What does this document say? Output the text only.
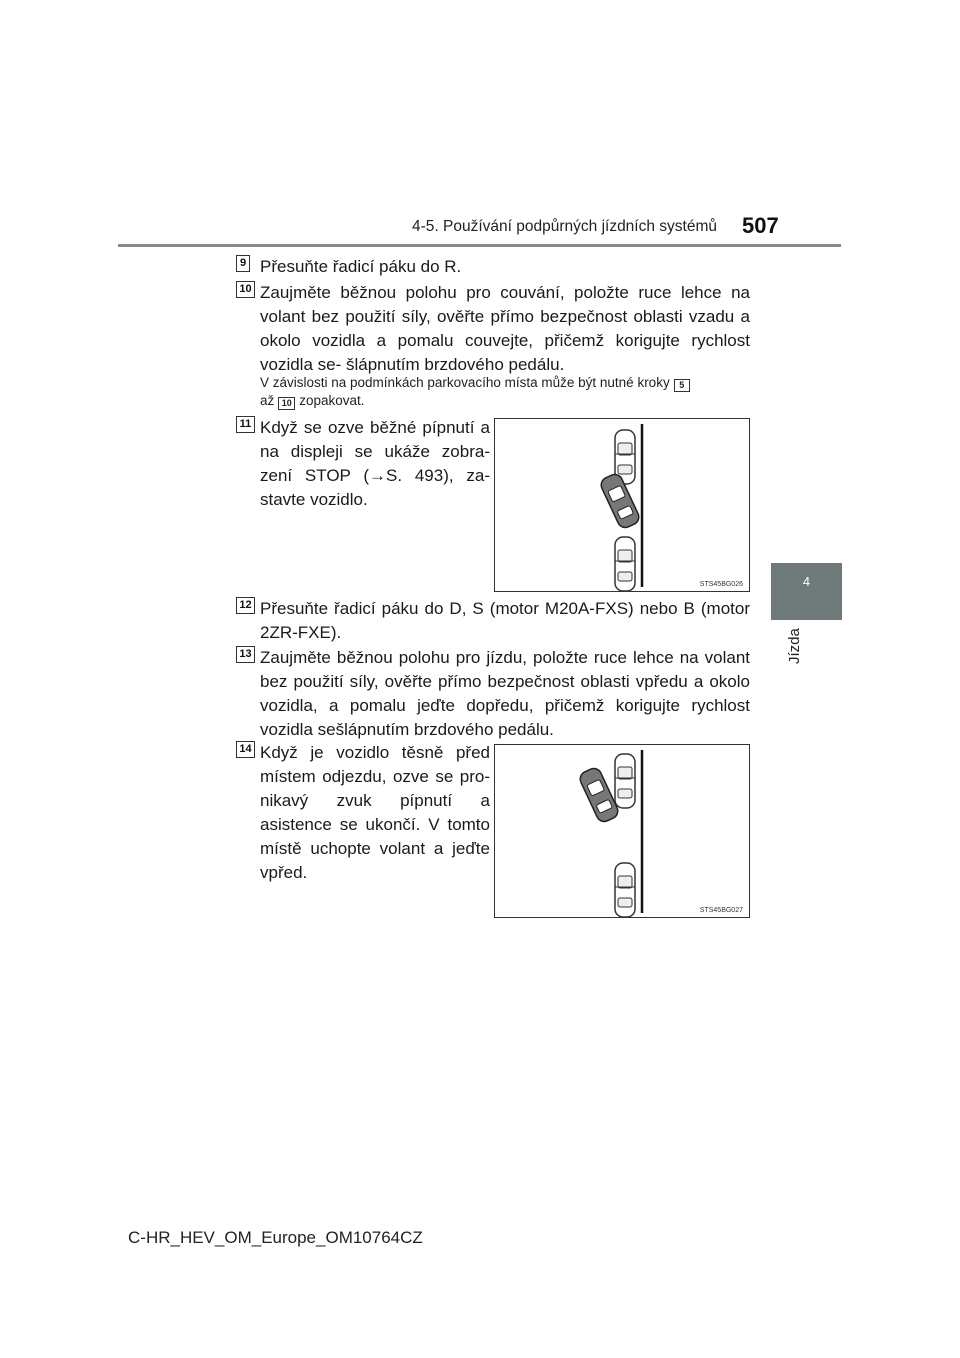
4-5. Používání podpůrných jízdních systémů 507
4
Jízda
9 Přesuňte řadicí páku do R.
10 Zaujměte běžnou polohu pro couvání, položte ruce lehce na volant bez použití síly, ověřte přímo bezpečnost oblasti vzadu a okolo vozidla a pomalu couvejte, přičemž korigujte rychlost vozidla se- šlápnutím brzdového pedálu.
V závislosti na podmínkách parkovacího místa může být nutné kroky 5
až 10 zopakovat.
11 Když se ozve běžné pípnutí a na displeji se ukáže zobra- zení STOP (→S. 493), za- stavte vozidlo.
STS45BG026
12 Přesuňte řadicí páku do D, S (motor M20A-FXS) nebo B (motor 2ZR-FXE).
13 Zaujměte běžnou polohu pro jízdu, položte ruce lehce na volant bez použití síly, ověřte přímo bezpečnost oblasti vpředu a okolo vozidla, a pomalu jeďte dopředu, přičemž korigujte rychlost vozidla sešlápnutím brzdového pedálu.
14 Když je vozidlo těsně před místem odjezdu, ozve se pro- nikavý zvuk pípnutí a asistence se ukončí. V tomto místě uchopte volant a jeďte vpřed.
STS45BG027
C-HR_HEV_OM_Europe_OM10764CZ
